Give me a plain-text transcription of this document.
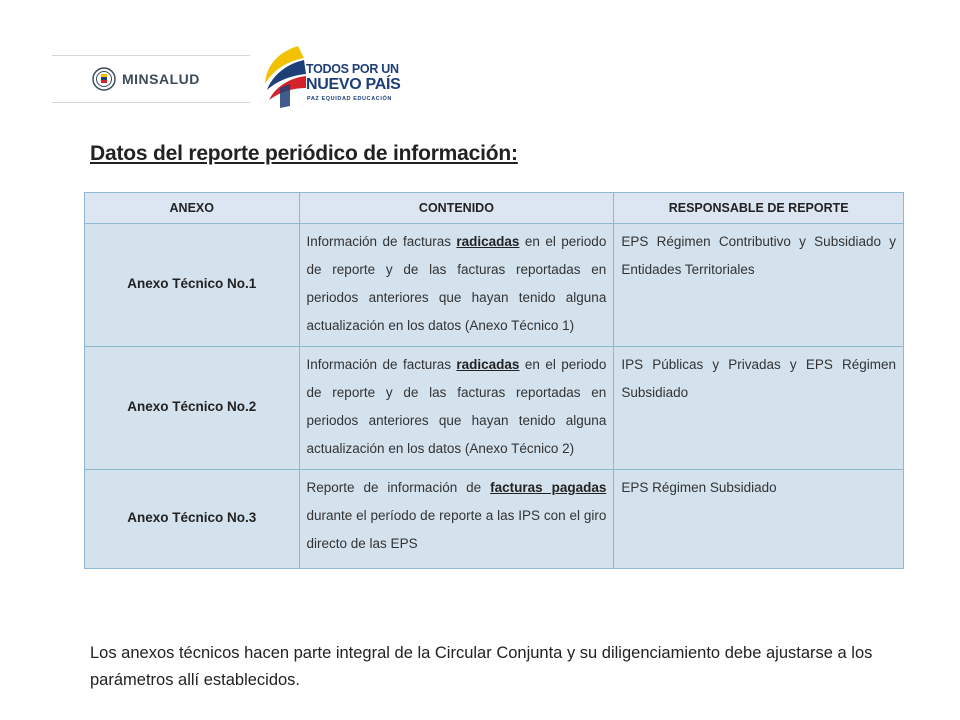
MINSALUD
TODOS POR UN
NUEVO PAÍS
PAZ EQUIDAD EDUCACIÓN
Datos del reporte periódico de información:
ANEXO	CONTENIDO	RESPONSABLE DE REPORTE
Anexo Técnico No.1	Información de facturas radicadas en el periodo de reporte y de las facturas reportadas en periodos anteriores que hayan tenido alguna actualización en los datos (Anexo Técnico 1)	EPS Régimen Contributivo y Subsidiado y Entidades Territoriales
Anexo Técnico No.2	Información de facturas radicadas en el periodo de reporte y de las facturas reportadas en periodos anteriores que hayan tenido alguna actualización en los datos (Anexo Técnico 2)	IPS Públicas y Privadas y EPS Régimen Subsidiado
Anexo Técnico No.3	Reporte de información de facturas pagadas durante el período de reporte a las IPS con el giro directo de las EPS	EPS Régimen Subsidiado

Los anexos técnicos hacen parte integral de la Circular Conjunta y su diligenciamiento debe ajustarse a los parámetros allí establecidos.
